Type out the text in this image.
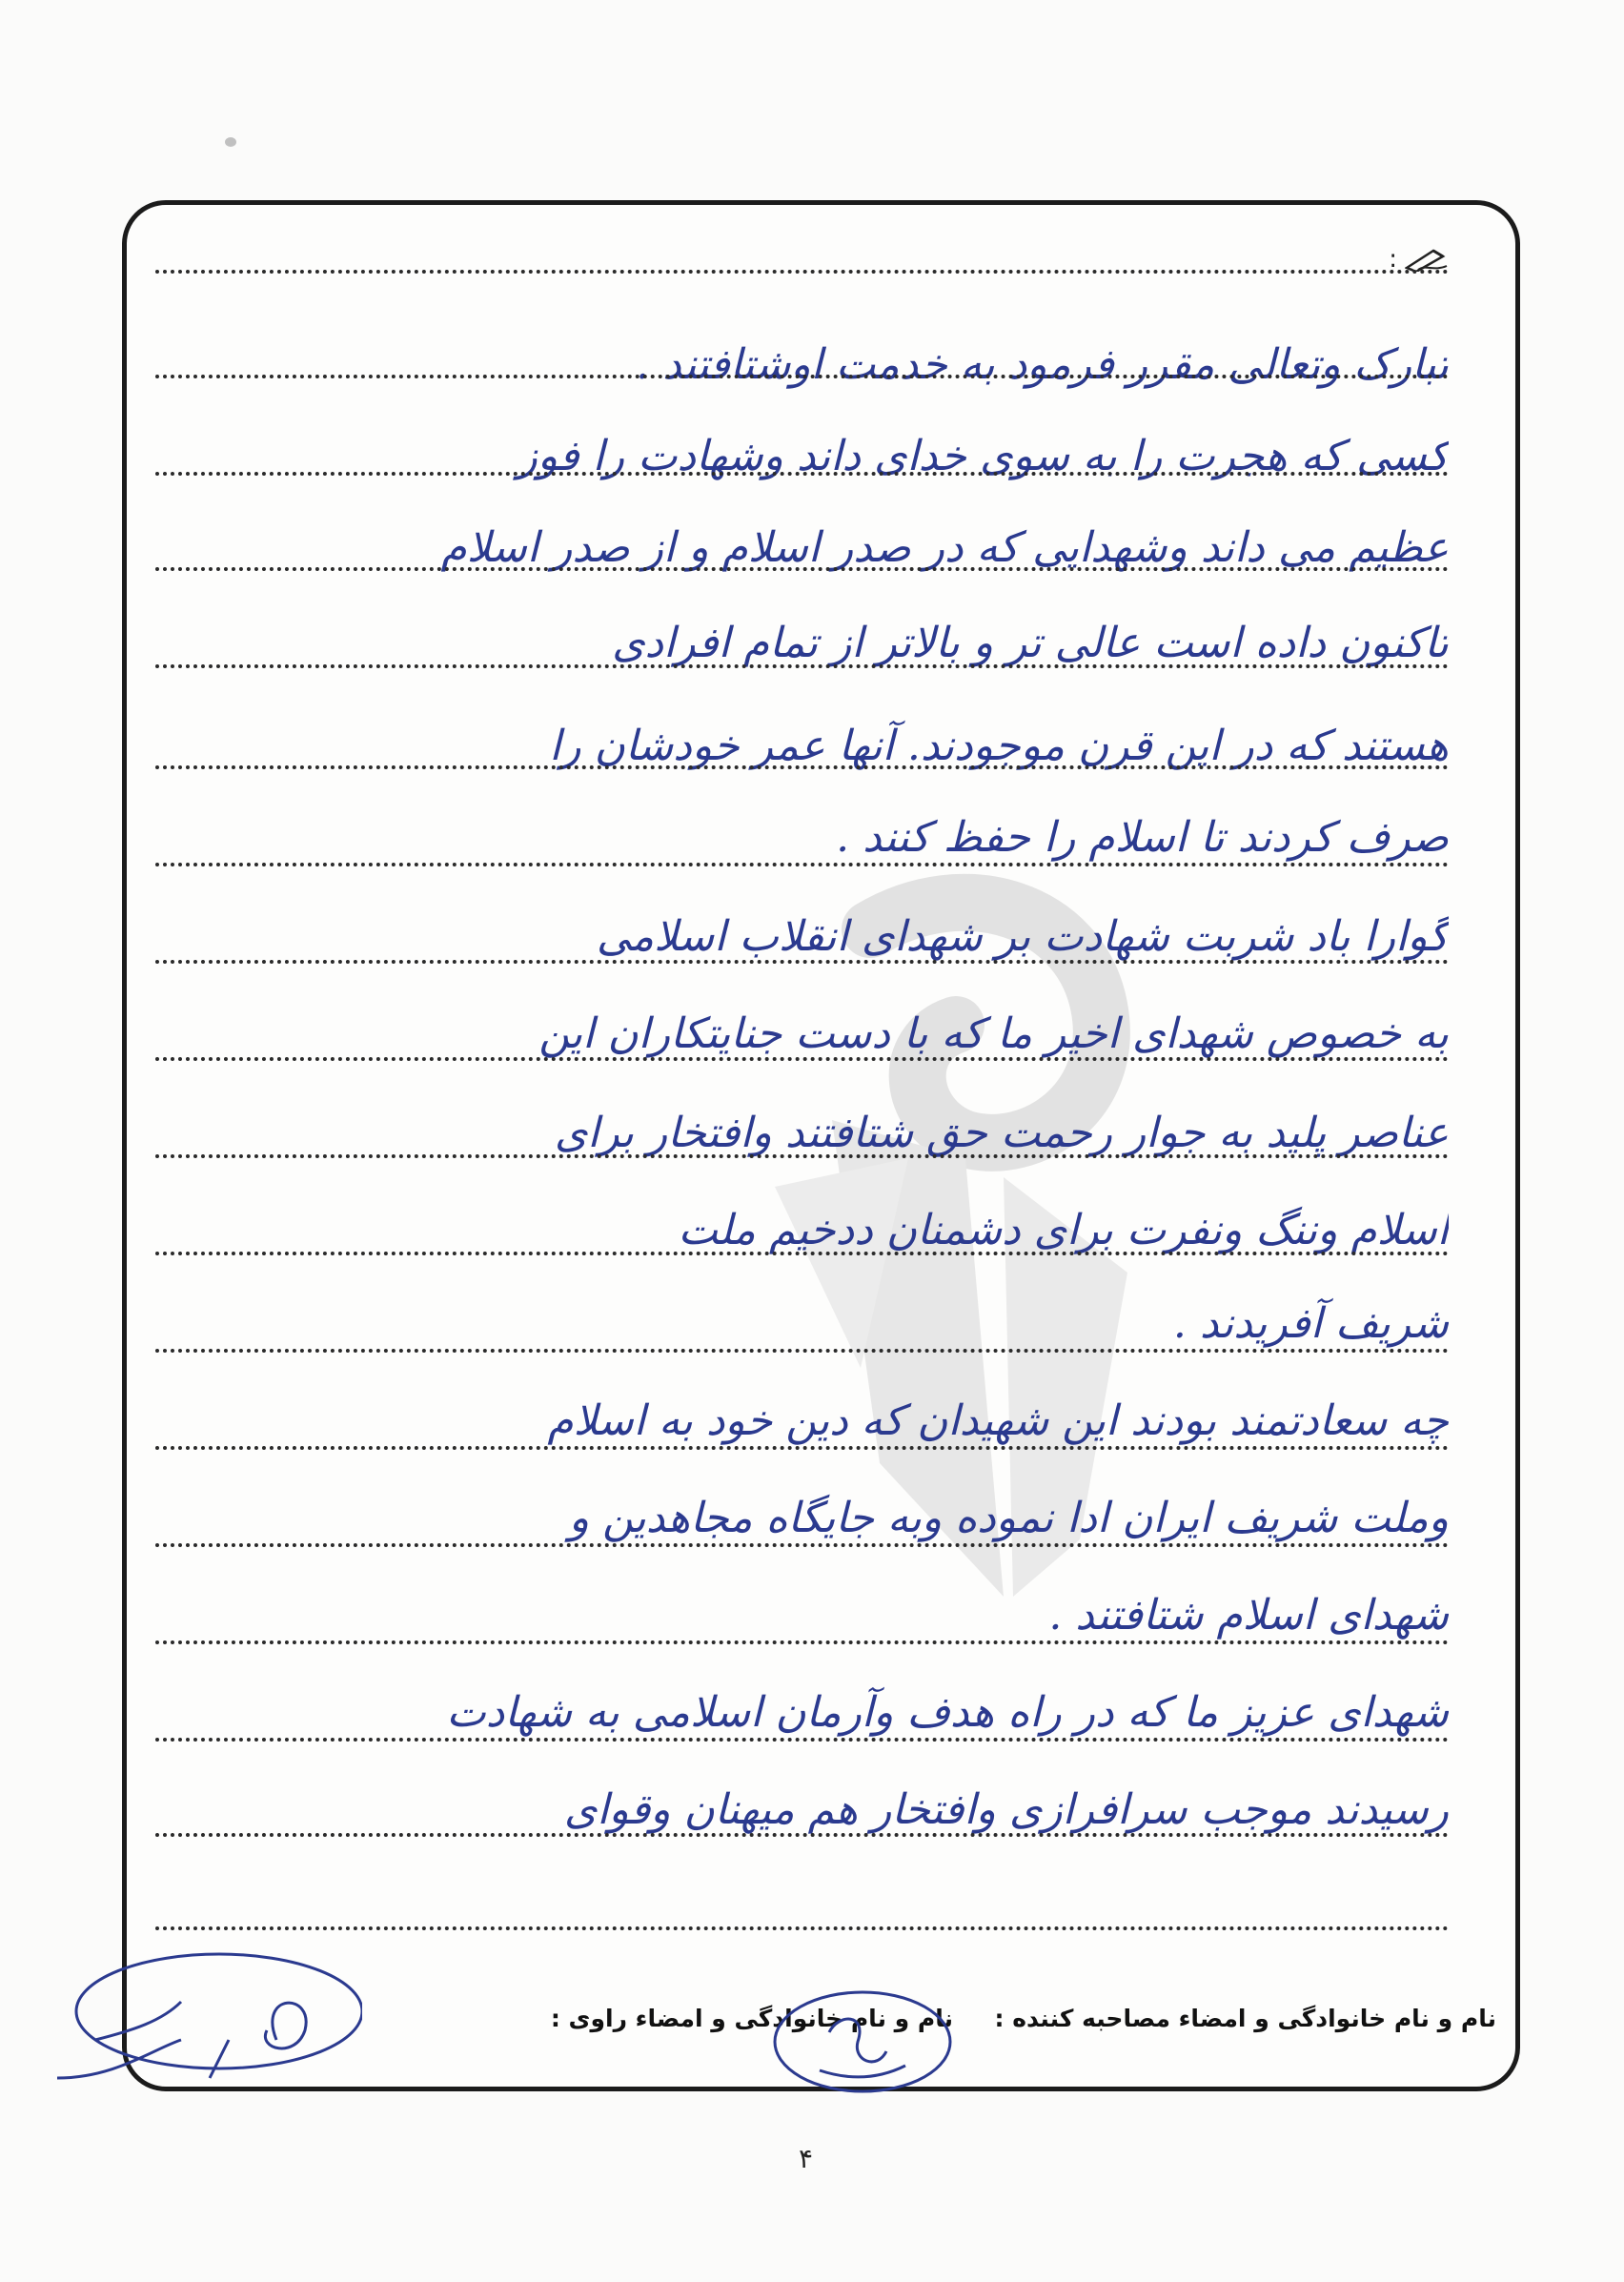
:
تبارک وتعالی مقرر فرمود به خدمت اوشتافتند .
کسی که هجرت را به سوی خدای داند وشهادت را فوز
عظیم می داند وشهدایی که در صدر اسلام و از صدر اسلام
تاکنون داده است عالی تر و بالاتر از تمام افرادی
هستند که در این قرن موجودند. آنها عمر خودشان را
صرف کردند تا اسلام را حفظ کنند .
گوارا باد شربت شهادت بر شهدای انقلاب اسلامی
به خصوص شهدای اخیر ما که با دست جنایتکاران این
عناصر پلید به جوار رحمت حق شتافتند وافتخار برای
اسلام وننگ ونفرت برای دشمنان ددخیم ملت
شریف آفریدند .
چه سعادتمند بودند این شهیدان که دین خود به اسلام
وملت شریف ایران ادا نموده وبه جایگاه مجاهدین و
شهدای اسلام شتافتند .
شهدای عزیز ما که در راه هدف وآرمان اسلامی به شهادت
رسیدند موجب سرافرازی وافتخار هم میهنان وقوای
نام و نام خانوادگی و امضاء راوی : نام و نام خانوادگی و امضاء مصاحبه کننده :
۴
